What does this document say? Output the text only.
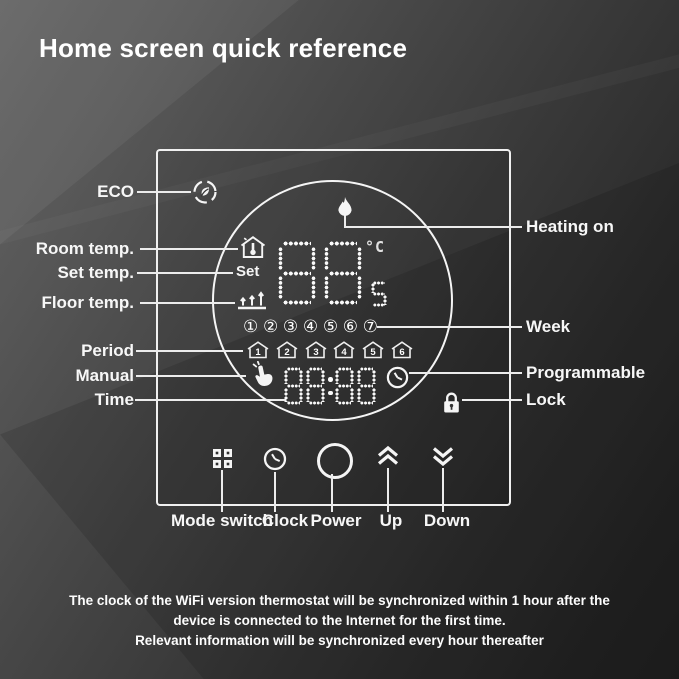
Home screen quick reference
ECO
Room temp.
Set temp.
Floor temp.
Period
Manual
Time
Heating on
Week
Programmable
Lock
Set
°C
① ② ③ ④ ⑤ ⑥ ⑦
1 2 3 4 5 6
Mode switch
Clock Power	Up	Down
The clock of the WiFi version thermostat will be synchronized within 1 hour after the
device is connected to the Internet for the first time.
Relevant information will be synchronized every hour thereafter
